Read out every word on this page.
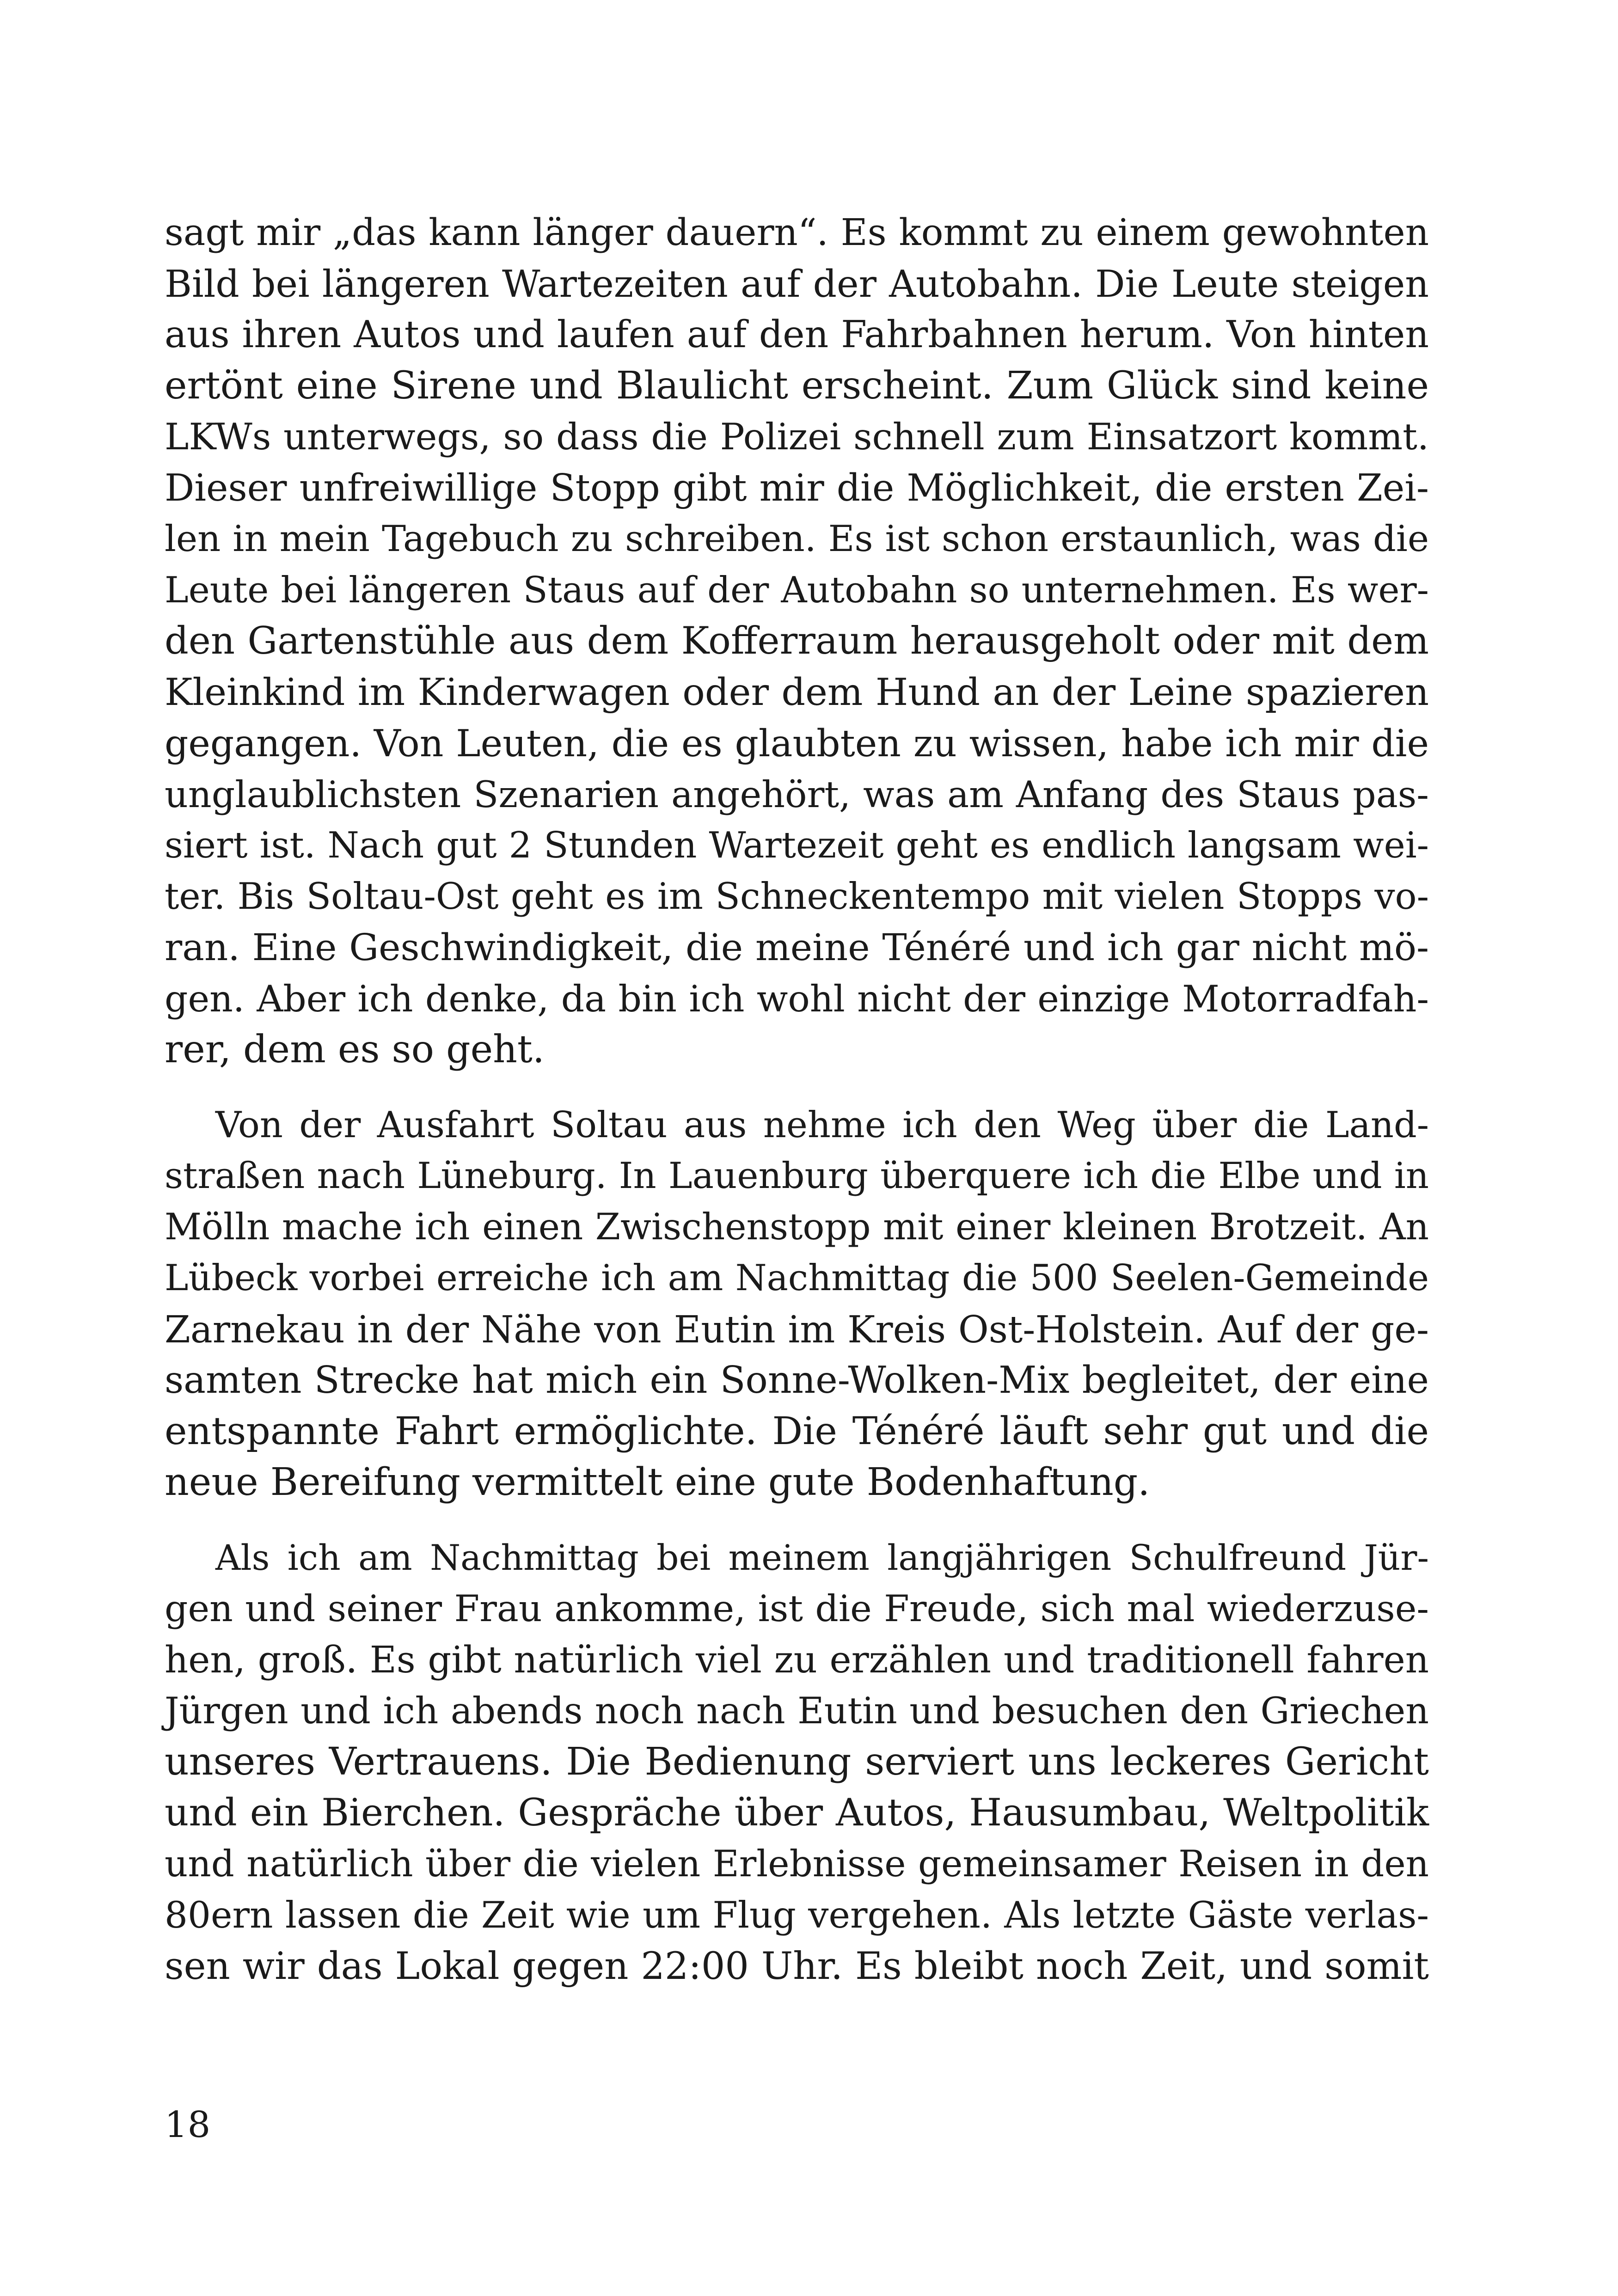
sagt mir „das kann länger dauern“. Es kommt zu einem gewohnten
Bild bei längeren Wartezeiten auf der Autobahn. Die Leute steigen
aus ihren Autos und laufen auf den Fahrbahnen herum. Von hinten
ertönt eine Sirene und Blaulicht erscheint. Zum Glück sind keine
LKWs unterwegs, so dass die Polizei schnell zum Einsatzort kommt.
Dieser unfreiwillige Stopp gibt mir die Möglichkeit, die ersten Zei-
len in mein Tagebuch zu schreiben. Es ist schon erstaunlich, was die
Leute bei längeren Staus auf der Autobahn so unternehmen. Es wer-
den Gartenstühle aus dem Kofferraum herausgeholt oder mit dem
Kleinkind im Kinderwagen oder dem Hund an der Leine spazieren
gegangen. Von Leuten, die es glaubten zu wissen, habe ich mir die
unglaublichsten Szenarien angehört, was am Anfang des Staus pas-
siert ist. Nach gut 2 Stunden Wartezeit geht es endlich langsam wei-
ter. Bis Soltau-Ost geht es im Schneckentempo mit vielen Stopps vo-
ran. Eine Geschwindigkeit, die meine Ténéré und ich gar nicht mö-
gen. Aber ich denke, da bin ich wohl nicht der einzige Motorradfah-
rer, dem es so geht.

Von der Ausfahrt Soltau aus nehme ich den Weg über die Land-
straßen nach Lüneburg. In Lauenburg überquere ich die Elbe und in
Mölln mache ich einen Zwischenstopp mit einer kleinen Brotzeit. An
Lübeck vorbei erreiche ich am Nachmittag die 500 Seelen-Gemeinde
Zarnekau in der Nähe von Eutin im Kreis Ost-Holstein. Auf der ge-
samten Strecke hat mich ein Sonne-Wolken-Mix begleitet, der eine
entspannte Fahrt ermöglichte. Die Ténéré läuft sehr gut und die
neue Bereifung vermittelt eine gute Bodenhaftung.

Als ich am Nachmittag bei meinem langjährigen Schulfreund Jür-
gen und seiner Frau ankomme, ist die Freude, sich mal wiederzuse-
hen, groß. Es gibt natürlich viel zu erzählen und traditionell fahren
Jürgen und ich abends noch nach Eutin und besuchen den Griechen
unseres Vertrauens. Die Bedienung serviert uns leckeres Gericht
und ein Bierchen. Gespräche über Autos, Hausumbau, Weltpolitik
und natürlich über die vielen Erlebnisse gemeinsamer Reisen in den
80ern lassen die Zeit wie um Flug vergehen. Als letzte Gäste verlas-
sen wir das Lokal gegen 22:00 Uhr. Es bleibt noch Zeit, und somit

18
